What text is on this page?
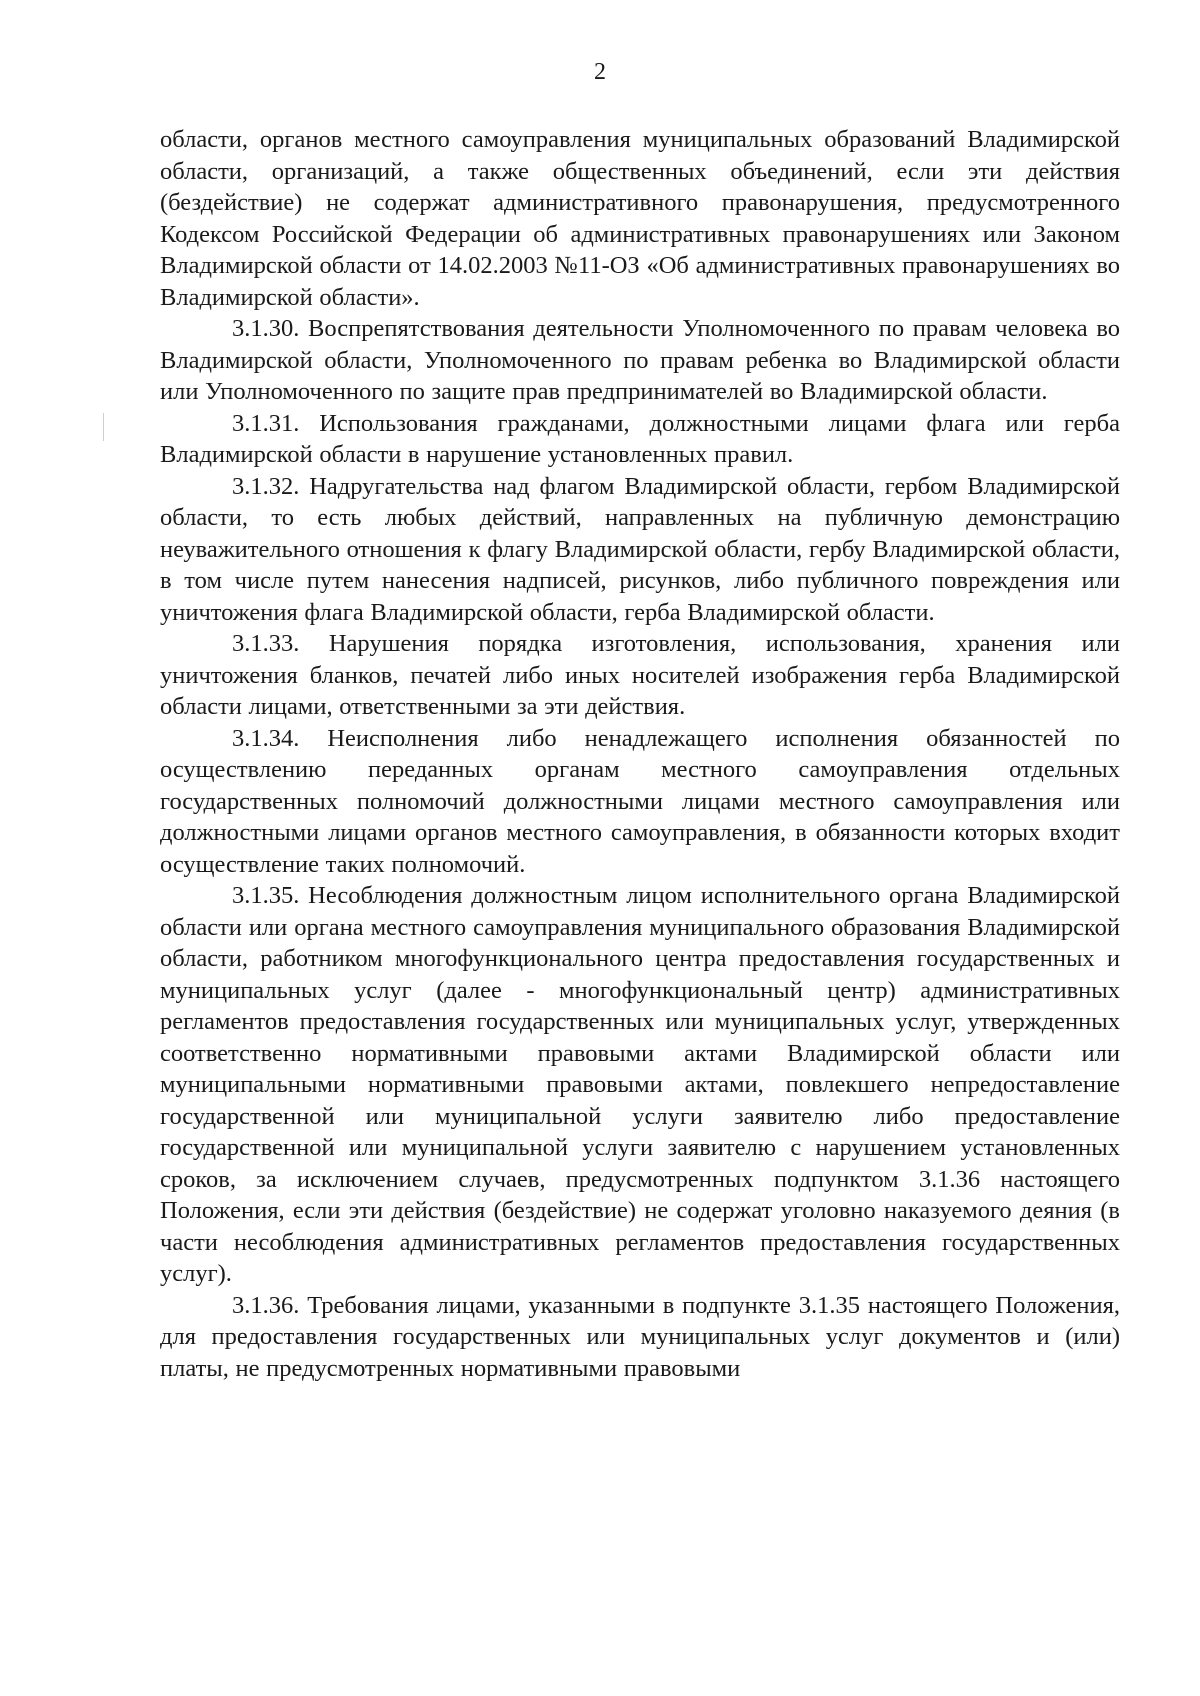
2

области, органов местного самоуправления муниципальных образований Владимирской области, организаций, а также общественных объединений, если эти действия (бездействие) не содержат административного правонарушения, предусмотренного Кодексом Российской Федерации об административных правонарушениях или Законом Владимирской области от 14.02.2003 №11-ОЗ «Об административных правонарушениях во Владимирской области».

3.1.30. Воспрепятствования деятельности Уполномоченного по правам человека во Владимирской области, Уполномоченного по правам ребенка во Владимирской области или Уполномоченного по защите прав предпринимателей во Владимирской области.

3.1.31. Использования гражданами, должностными лицами флага или герба Владимирской области в нарушение установленных правил.

3.1.32. Надругательства над флагом Владимирской области, гербом Владимирской области, то есть любых действий, направленных на публичную демонстрацию неуважительного отношения к флагу Владимирской области, гербу Владимирской области, в том числе путем нанесения надписей, рисунков, либо публичного повреждения или уничтожения флага Владимирской области, герба Владимирской области.

3.1.33. Нарушения порядка изготовления, использования, хранения или уничтожения бланков, печатей либо иных носителей изображения герба Владимирской области лицами, ответственными за эти действия.

3.1.34. Неисполнения либо ненадлежащего исполнения обязанностей по осуществлению переданных органам местного самоуправления отдельных государственных полномочий должностными лицами местного самоуправления или должностными лицами органов местного самоуправления, в обязанности которых входит осуществление таких полномочий.

3.1.35. Несоблюдения должностным лицом исполнительного органа Владимирской области или органа местного самоуправления муниципального образования Владимирской области, работником многофункционального центра предоставления государственных и муниципальных услуг (далее - многофункциональный центр) административных регламентов предоставления государственных или муниципальных услуг, утвержденных соответственно нормативными правовыми актами Владимирской области или муниципальными нормативными правовыми актами, повлекшего непредоставление государственной или муниципальной услуги заявителю либо предоставление государственной или муниципальной услуги заявителю с нарушением установленных сроков, за исключением случаев, предусмотренных подпунктом 3.1.36 настоящего Положения, если эти действия (бездействие) не содержат уголовно наказуемого деяния (в части несоблюдения административных регламентов предоставления государственных услуг).

3.1.36. Требования лицами, указанными в подпункте 3.1.35 настоящего Положения, для предоставления государственных или муниципальных услуг документов и (или) платы, не предусмотренных нормативными правовыми
